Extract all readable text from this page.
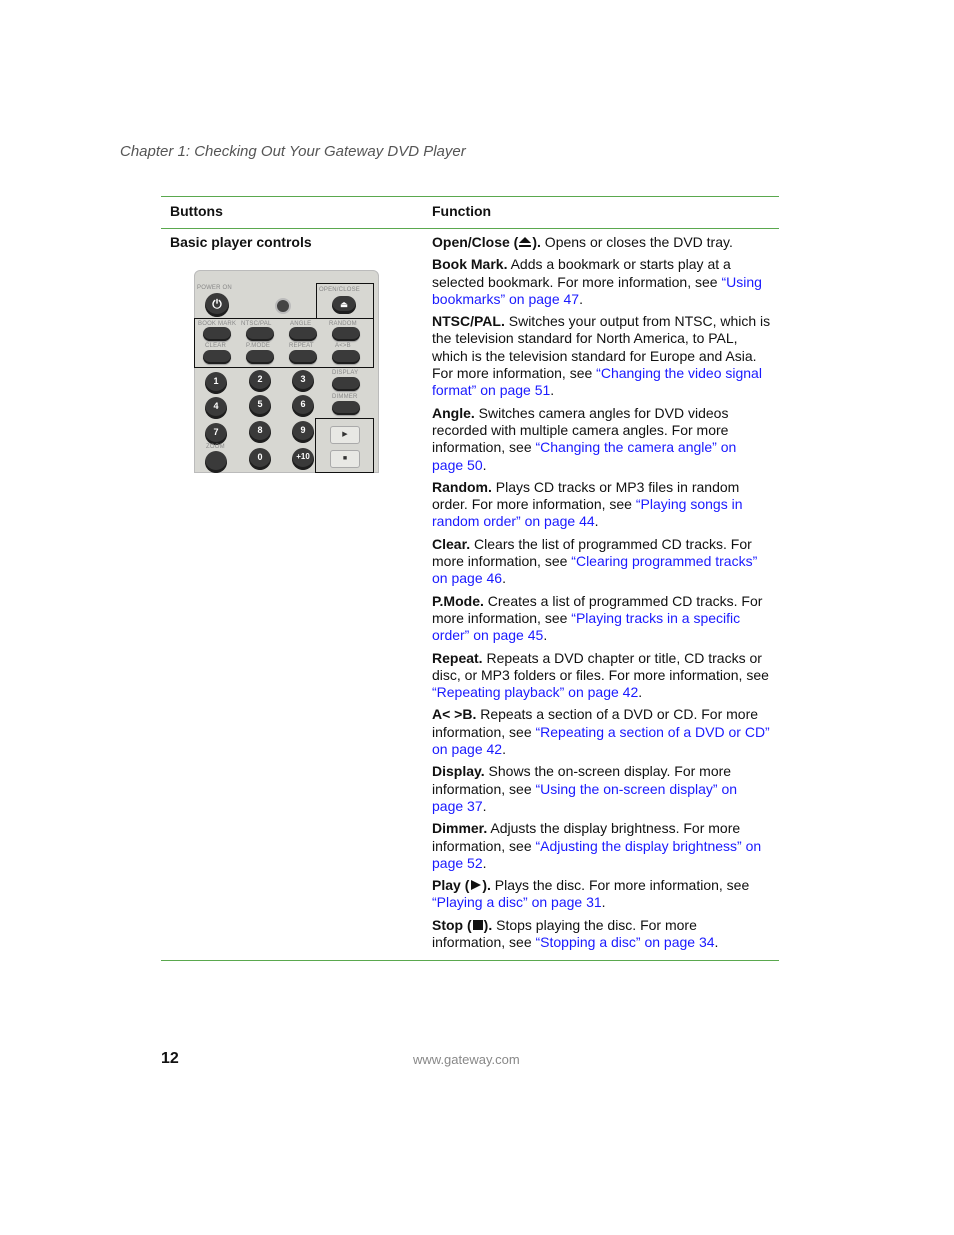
Chapter 1: Checking Out Your Gateway DVD Player
Buttons	Function
Basic player controls
POWER ON
⏻
OPEN/CLOSE
⏏
BOOK MARK NTSC/PAL	ANGLE	RANDOM
CLEAR	P.MODE	REPEAT	A<>B
DISPLAY
DIMMER
1	2	3
4	5	6
7	8	9
ZOOM
0	+10
▶
■
Open/Close ( ). Opens or closes the DVD tray.
Book Mark. Adds a bookmark or starts play at a selected bookmark. For more information, see “Using bookmarks” on page 47.
NTSC/PAL. Switches your output from NTSC, which is the television standard for North America, to PAL, which is the television standard for Europe and Asia. For more information, see “Changing the video signal format” on page 51.
Angle. Switches camera angles for DVD videos recorded with multiple camera angles. For more information, see “Changing the camera angle” on page 50.
Random. Plays CD tracks or MP3 files in random order. For more information, see “Playing songs in random order” on page 44.
Clear. Clears the list of programmed CD tracks. For more information, see “Clearing programmed tracks” on page 46.
P.Mode. Creates a list of programmed CD tracks. For more information, see “Playing tracks in a specific order” on page 45.
Repeat. Repeats a DVD chapter or title, CD tracks or disc, or MP3 folders or files. For more information, see “Repeating playback” on page 42.
A< >B. Repeats a section of a DVD or CD. For more information, see “Repeating a section of a DVD or CD” on page 42.
Display. Shows the on-screen display. For more information, see “Using the on-screen display” on page 37.
Dimmer. Adjusts the display brightness. For more information, see “Adjusting the display brightness” on page 52.
Play ( ). Plays the disc. For more information, see “Playing a disc” on page 31.
Stop ( ). Stops playing the disc. For more information, see “Stopping a disc” on page 34.
12	www.gateway.com
